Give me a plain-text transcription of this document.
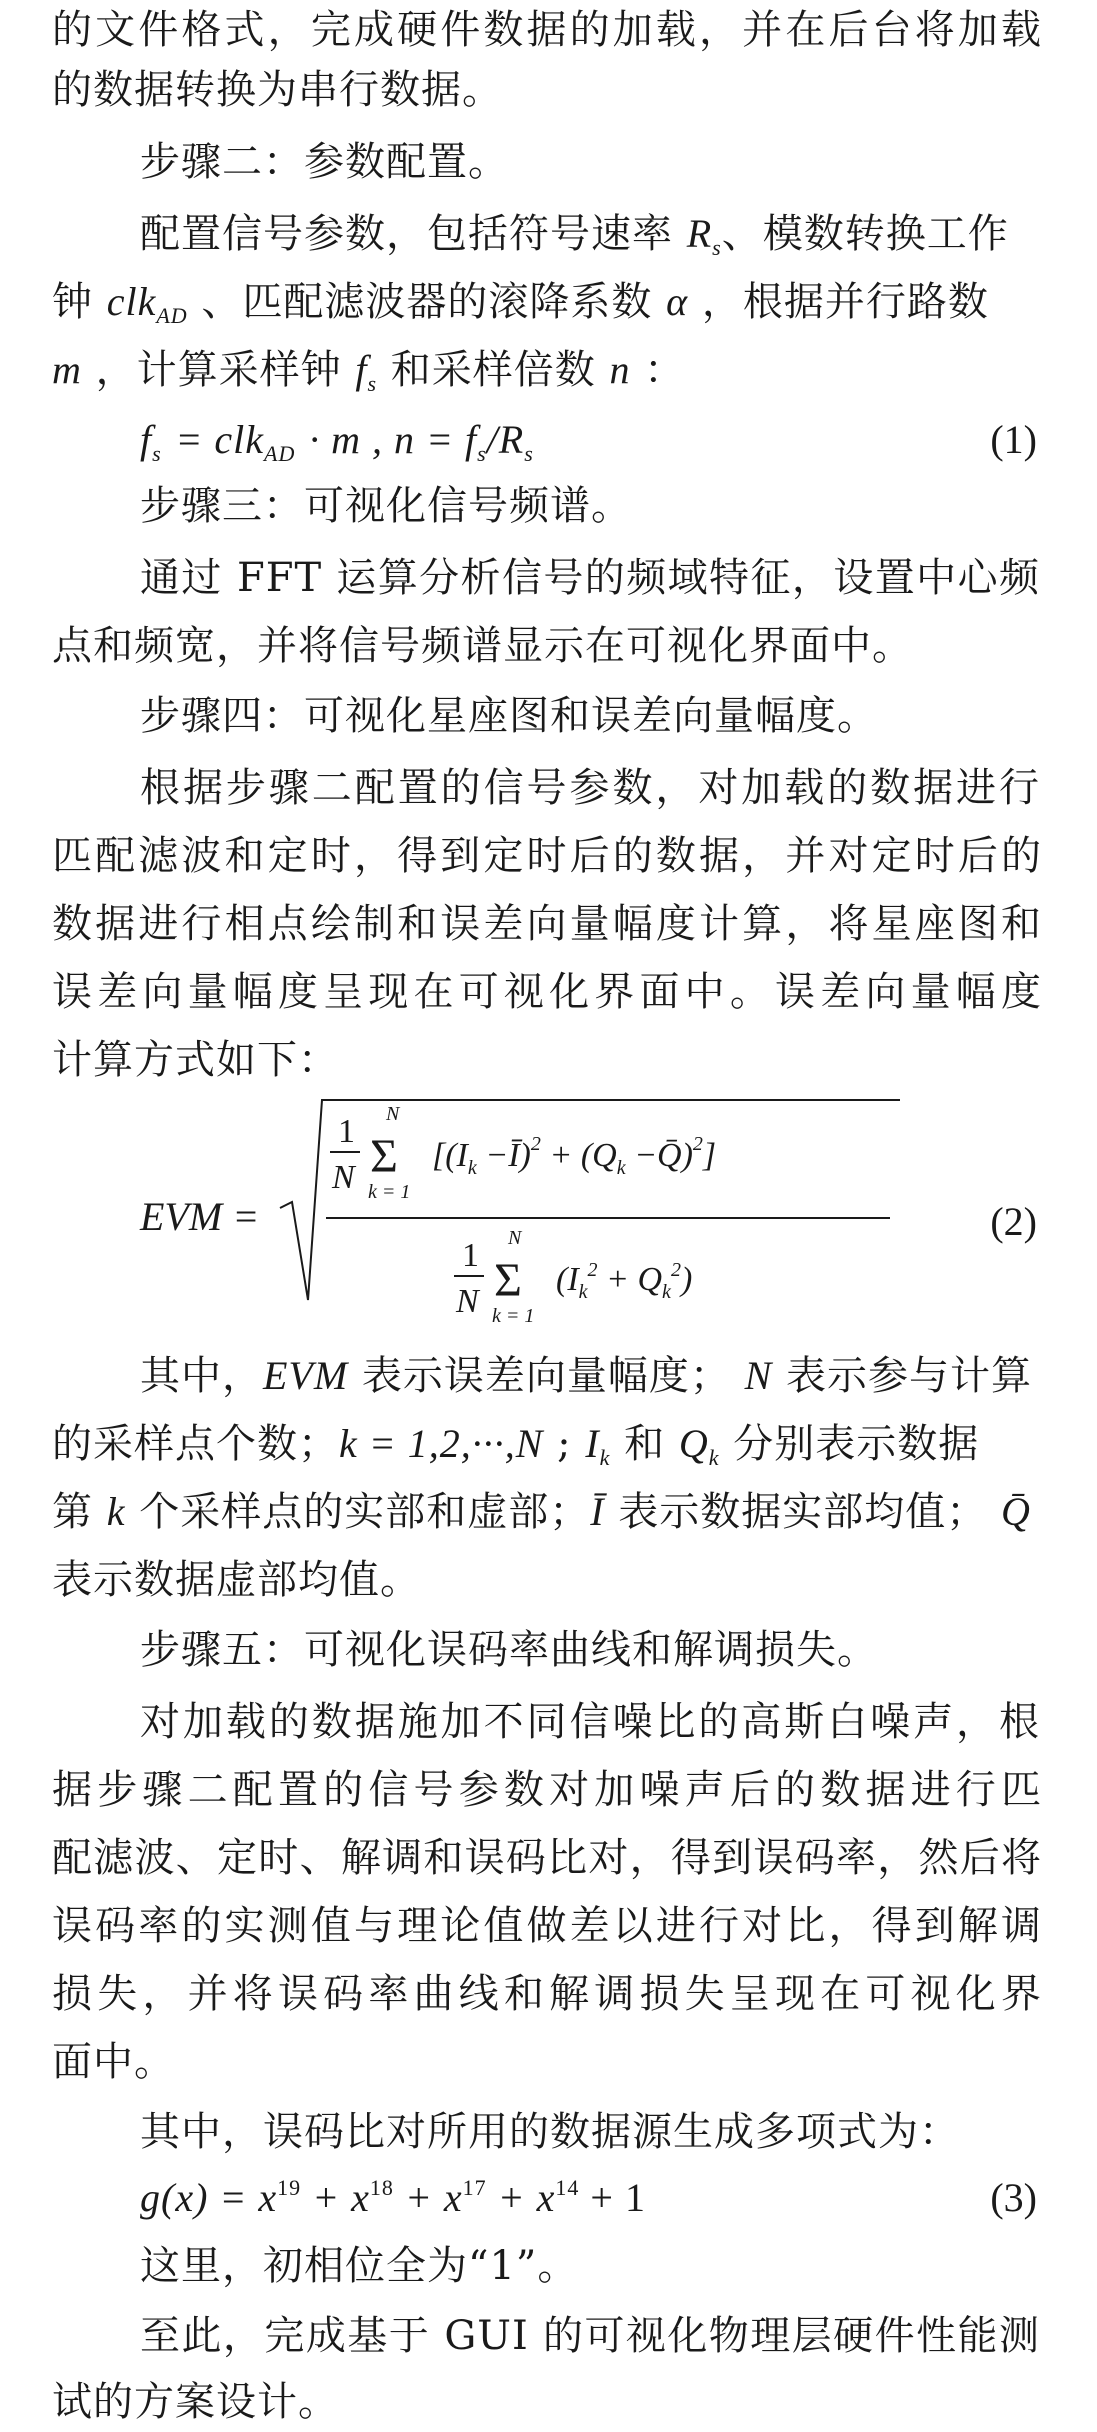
的文件格式，完成硬件数据的加载，并在后台将加载
的数据转换为串行数据。
步骤二：参数配置。
配置信号参数，包括符号速率 $R_s$、模数转换工作
钟 clk$_{AD}$ 、匹配滤波器的滚降系数 α ，根据并行路数
m ，计算采样钟 $f_s$ 和采样倍数 n ：
$f_s = clk_{AD} \cdot m$ , $n = f_s/R_s$	(1)
步骤三：可视化信号频谱。
通过 FFT 运算分析信号的频域特征，设置中心频
点和频宽，并将信号频谱显示在可视化界面中。
步骤四：可视化星座图和误差向量幅度。
根据步骤二配置的信号参数，对加载的数据进行
匹配滤波和定时，得到定时后的数据，并对定时后的
数据进行相点绘制和误差向量幅度计算，将星座图和
误差向量幅度呈现在可视化界面中。误差向量幅度
计算方式如下：
EVM =
1
N
N
Σ
k = 1
[($I_k$ −Ī)$^2$ + ($Q_k$ −Q̄)$^2$]
1
N
N
Σ
k = 1
$(I_k^2 + Q_k^2)$
(2)
其中，EVM 表示误差向量幅度； N 表示参与计算
的采样点个数；k = 1,2,···,N ; $I_k$ 和 $Q_k$ 分别表示数据
第 k 个采样点的实部和虚部；Ī 表示数据实部均值； Q̄
表示数据虚部均值。
步骤五：可视化误码率曲线和解调损失。
对加载的数据施加不同信噪比的高斯白噪声，根
据步骤二配置的信号参数对加噪声后的数据进行匹
配滤波、定时、解调和误码比对，得到误码率，然后将
误码率的实测值与理论值做差以进行对比，得到解调
损失，并将误码率曲线和解调损失呈现在可视化界
面中。
其中，误码比对所用的数据源生成多项式为：
$g(x) = x^{19} + x^{18} + x^{17} + x^{14} + 1$	(3)
这里，初相位全为“1”。
至此，完成基于 GUI 的可视化物理层硬件性能测
试的方案设计。
